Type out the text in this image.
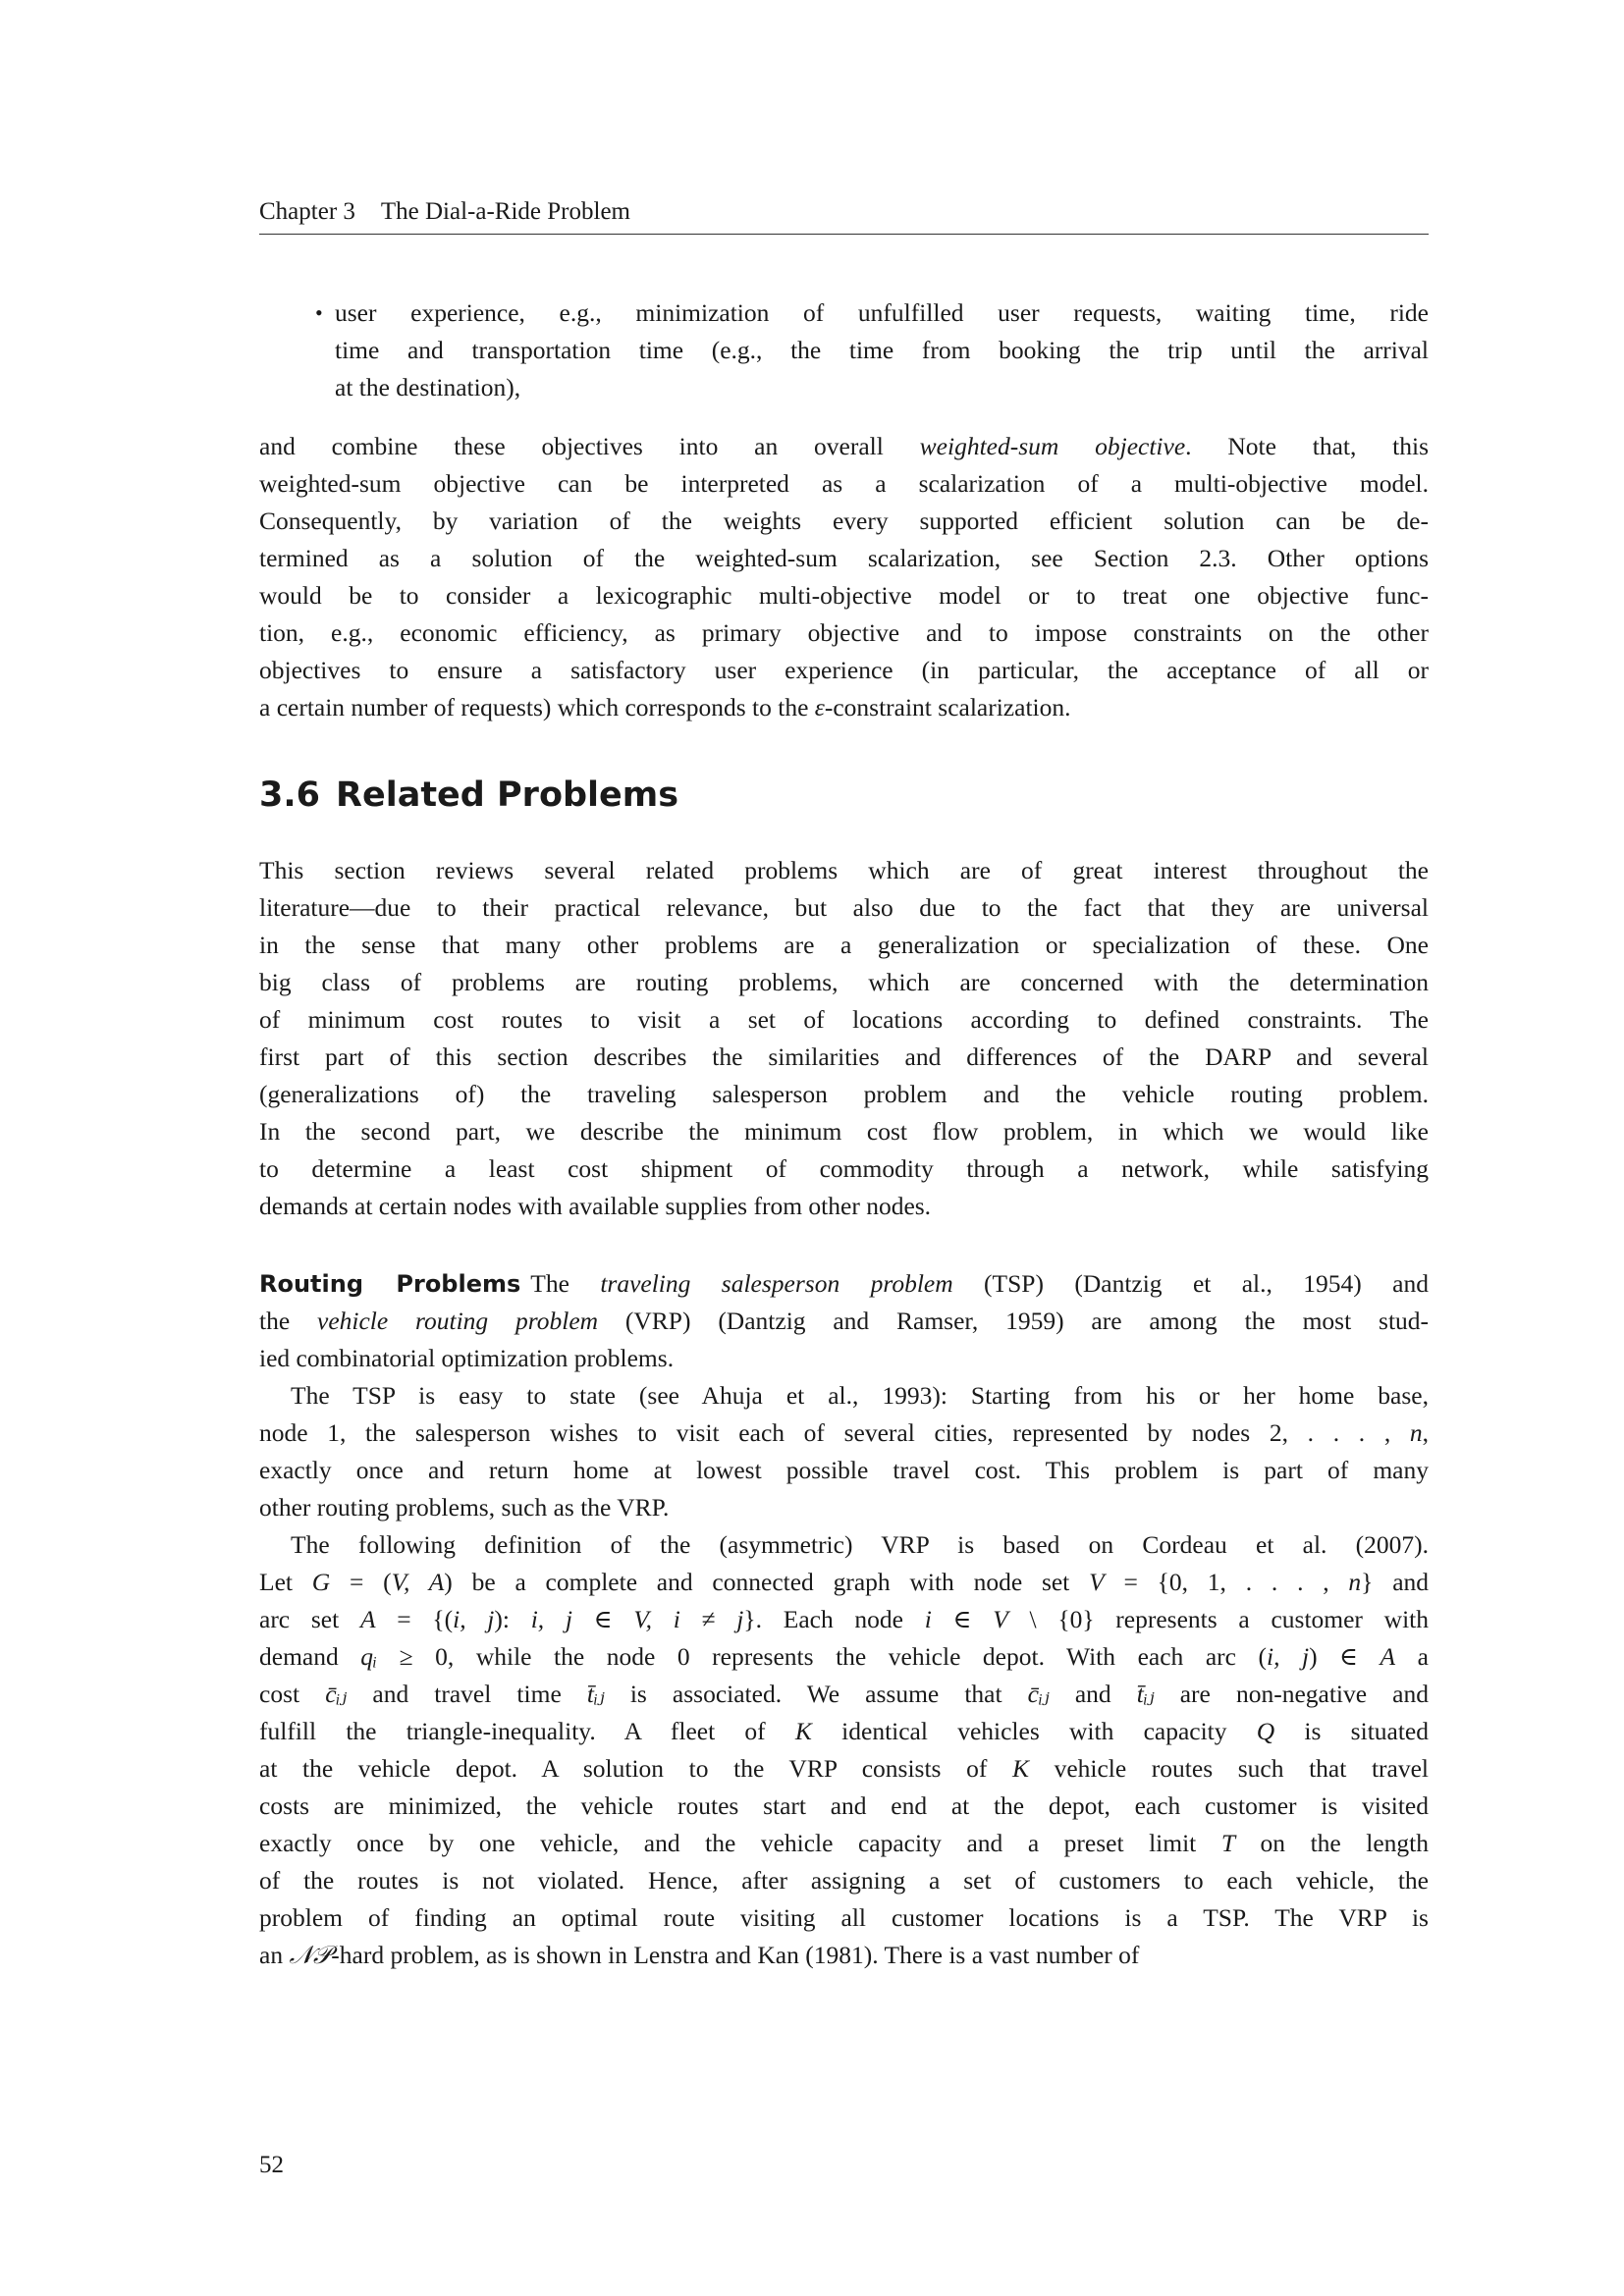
Chapter 3 The Dial-a-Ride Problem
• user experience, e.g., minimization of unfulfilled user requests, waiting time, ride
time and transportation time (e.g., the time from booking the trip until the arrival
at the destination),
and combine these objectives into an overall weighted-sum objective. Note that, this
weighted-sum objective can be interpreted as a scalarization of a multi-objective model.
Consequently, by variation of the weights every supported efficient solution can be de-
termined as a solution of the weighted-sum scalarization, see Section 2.3. Other options
would be to consider a lexicographic multi-objective model or to treat one objective func-
tion, e.g., economic efficiency, as primary objective and to impose constraints on the other
objectives to ensure a satisfactory user experience (in particular, the acceptance of all or
a certain number of requests) which corresponds to the ε-constraint scalarization.
3.6 Related Problems
This section reviews several related problems which are of great interest throughout the
literature—due to their practical relevance, but also due to the fact that they are universal
in the sense that many other problems are a generalization or specialization of these. One
big class of problems are routing problems, which are concerned with the determination
of minimum cost routes to visit a set of locations according to defined constraints. The
first part of this section describes the similarities and differences of the DARP and several
(generalizations of) the traveling salesperson problem and the vehicle routing problem.
In the second part, we describe the minimum cost flow problem, in which we would like
to determine a least cost shipment of commodity through a network, while satisfying
demands at certain nodes with available supplies from other nodes.
Routing Problems The traveling salesperson problem (TSP) (Dantzig et al., 1954) and
the vehicle routing problem (VRP) (Dantzig and Ramser, 1959) are among the most stud-
ied combinatorial optimization problems.
The TSP is easy to state (see Ahuja et al., 1993): Starting from his or her home base,
node 1, the salesperson wishes to visit each of several cities, represented by nodes 2, . . . , n,
exactly once and return home at lowest possible travel cost. This problem is part of many
other routing problems, such as the VRP.
The following definition of the (asymmetric) VRP is based on Cordeau et al. (2007).
Let G = (V, A) be a complete and connected graph with node set V = {0, 1, . . . , n} and
arc set A = {(i, j): i, j ∈ V, i ≠ j}. Each node i ∈ V \ {0} represents a customer with
demand qᵢ ≥ 0, while the node 0 represents the vehicle depot. With each arc (i, j) ∈ A a
cost c̄ᵢⱼ and travel time t̄ᵢⱼ is associated. We assume that c̄ᵢⱼ and t̄ᵢⱼ are non-negative and
fulfill the triangle-inequality. A fleet of K identical vehicles with capacity Q is situated
at the vehicle depot. A solution to the VRP consists of K vehicle routes such that travel
costs are minimized, the vehicle routes start and end at the depot, each customer is visited
exactly once by one vehicle, and the vehicle capacity and a preset limit T on the length
of the routes is not violated. Hence, after assigning a set of customers to each vehicle, the
problem of finding an optimal route visiting all customer locations is a TSP. The VRP is
an 𝒩𝒫-hard problem, as is shown in Lenstra and Kan (1981). There is a vast number of
52
